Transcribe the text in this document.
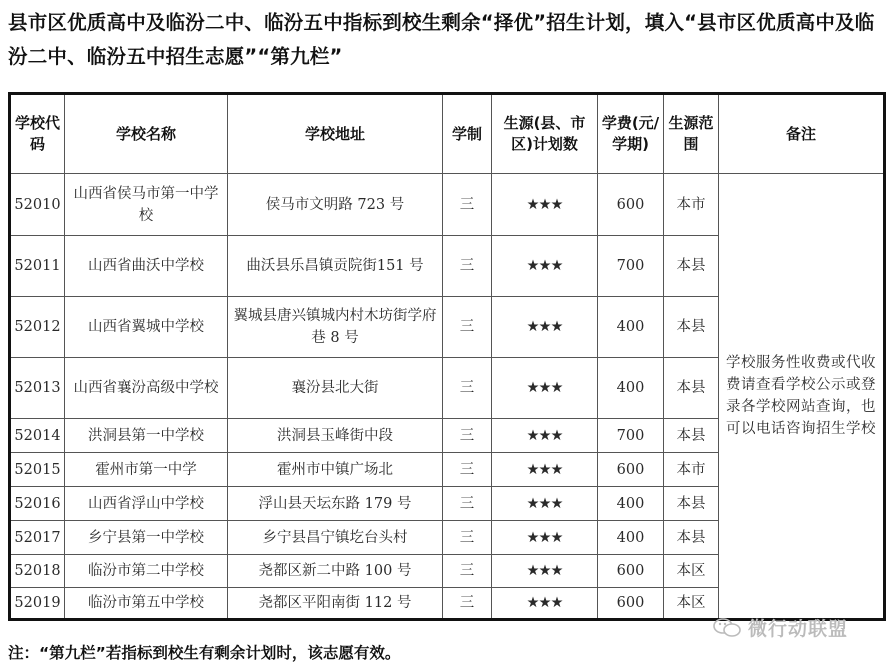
县市区优质高中及临汾二中、临汾五中指标到校生剩余“择优”招生计划，填入“县市区优质高中及临汾二中、临汾五中招生志愿”“第九栏”
学校代码	学校名称	学校地址	学制	生源(县、市区)计划数	学费(元/学期)	生源范围	备注
52010	山西省侯马市第一中学校	侯马市文明路 723 号	三	★★★	600	本市	学校服务性收费或代收费请查看学校公示或登录各学校网站查询，也可以电话咨询招生学校
52011	山西省曲沃中学校	曲沃县乐昌镇贡院街151 号	三	★★★	700	本县	
52012	山西省翼城中学校	翼城县唐兴镇城内村木坊街学府巷 8 号	三	★★★	400	本县	
52013	山西省襄汾高级中学校	襄汾县北大街	三	★★★	400	本县	
52014	洪洞县第一中学校	洪洞县玉峰街中段	三	★★★	700	本县	
52015	霍州市第一中学	霍州市中镇广场北	三	★★★	600	本市	
52016	山西省浮山中学校	浮山县天坛东路 179 号	三	★★★	400	本县	
52017	乡宁县第一中学校	乡宁县昌宁镇圪台头村	三	★★★	400	本县	
52018	临汾市第二中学校	尧都区新二中路 100 号	三	★★★	600	本区	
52019	临汾市第五中学校	尧都区平阳南街 112 号	三	★★★	600	本区	
微行动联盟
注：“第九栏”若指标到校生有剩余计划时，该志愿有效。
